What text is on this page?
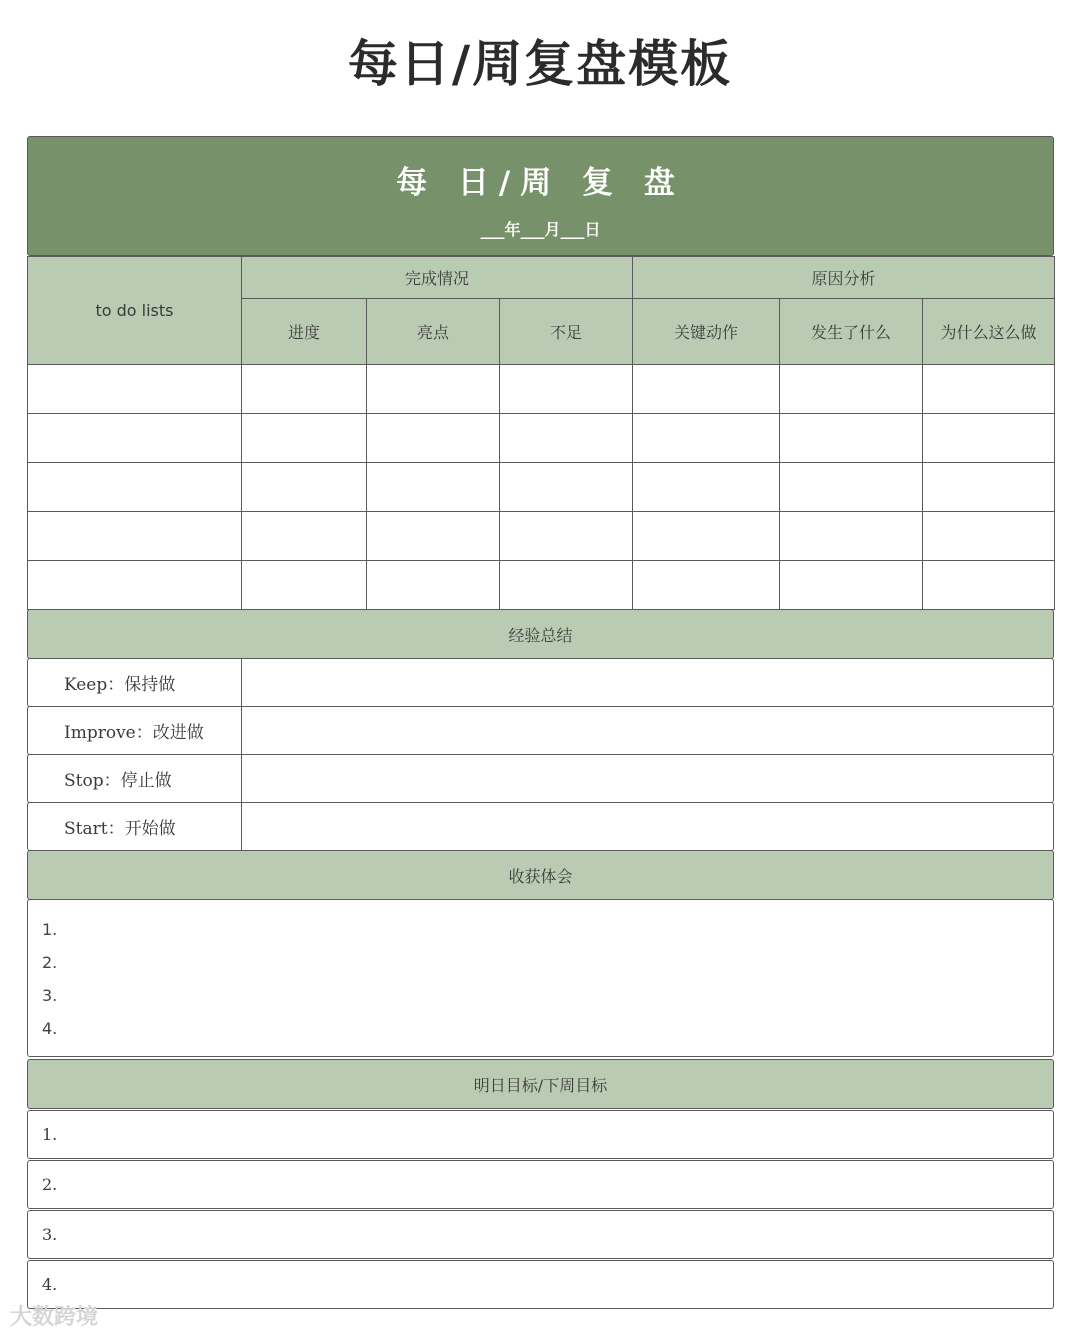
每日/周复盘模板
每 日/周 复 盘
___年___月___日
to do lists	完成情况			原因分析		
	进度	亮点	不足	关键动作	发生了什么	为什么这么做

经验总结
Keep：保持做
Improve：改进做
Stop：停止做
Start：开始做
收获体会
1.
2.
3.
4.
明日目标/下周目标
1.
2.
3.
4.
大数跨境
